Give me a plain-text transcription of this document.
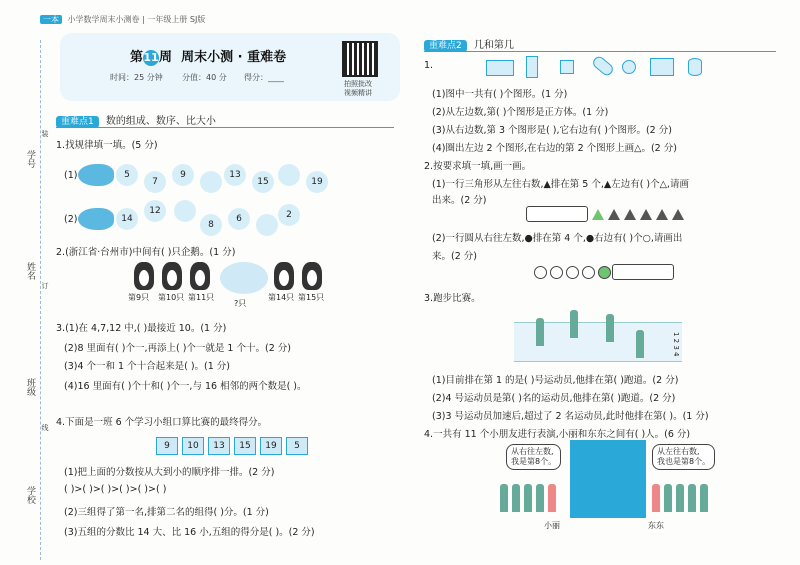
一本 小学数学周末小测卷 | 一年级上册 SJ版
学号
姓名
班级
学校
装
订
线
第11周 周末小测 · 重难卷
时间：25 分钟 分值：40 分 得分：____
拍照批改
视频精讲
重难点1 数的组成、数序、比大小
1.找规律填一填。(5 分)
(1)	5
7
9	13
15	19
(2)	14
12
8
6	2
2.(浙江省·台州市)中间有( )只企鹅。(1 分)
第9只 第10只 第11只
?只
第14只 第15只
3.(1)在 4,7,12 中,( )最接近 10。(1 分)
(2)8 里面有( )个一,再添上( )个一就是 1 个十。(2 分)
(3)4 个一和 1 个十合起来是( )。(1 分)
(4)16 里面有( )个十和( )个一,与 16 相邻的两个数是( )。
4.下面是一班 6 个学习小组口算比赛的最终得分。
9	10	13	15	19	5
(1)把上面的分数按从大到小的顺序排一排。(2 分)
( )>( )>( )>( )>( )>( )
(2)三组得了第一名,排第二名的组得( )分。(1 分)
(3)五组的分数比 14 大、比 16 小,五组的得分是( )。(2 分)
重难点2 几和第几
1.
(1)图中一共有( )个图形。(1 分)
(2)从左边数,第( )个图形是正方体。(1 分)
(3)从右边数,第 3 个图形是( ),它右边有( )个图形。(2 分)
(4)圈出左边 2 个图形,在右边的第 2 个图形上画△。(2 分)
2.按要求填一填,画一画。
(1)一行三角形从左往右数,▲排在第 5 个,▲左边有( )个△,请画
出来。(2 分)
(2)一行圆从右往左数,●排在第 4 个,●右边有( )个○,请画出
来。(2 分)
3.跑步比赛。
1 2 3 4
(1)目前排在第 1 的是( )号运动员,他排在第( )跑道。(2 分)
(2)4 号运动员是第( )名的运动员,他排在第( )跑道。(2 分)
(3)3 号运动员加速后,超过了 2 名运动员,此时他排在第( )。(1 分)
4.一共有 11 个小朋友进行表演,小丽和东东之间有( )人。(6 分)
从右往左数,
我是第8个。
从左往右数,
我也是第8个。
小丽	东东
